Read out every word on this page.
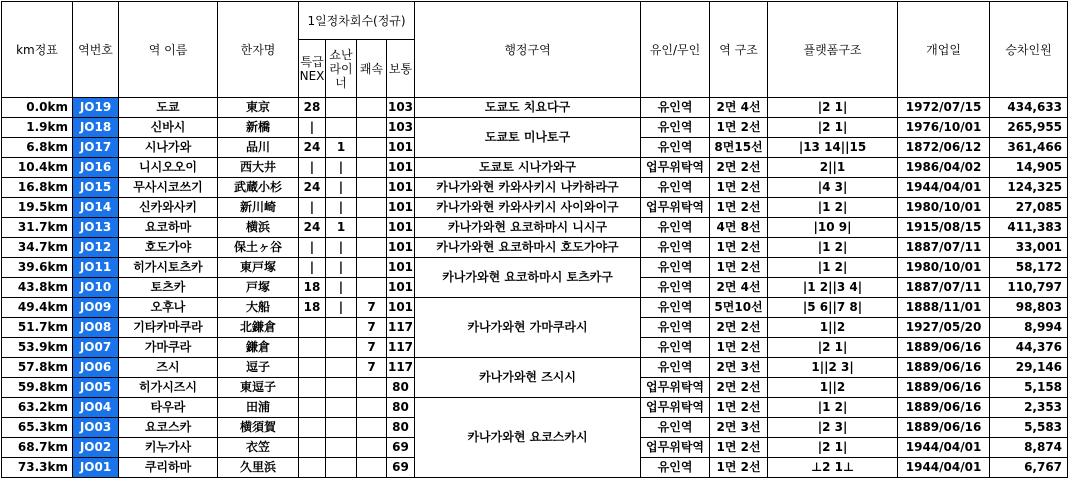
km정표	역번호	역 이름	한자명	1일정차회수(정규)				행정구역	유인/무인	역 구조	플랫폼구조	개업일	승차인원
				특급 NEX	쇼난 라이 너	쾌속	보통						
0.0km	JO19	도쿄	東京	28			103	도쿄도 치요다구	유인역	2면 4선	|2 1|	1972/07/15	434,633
1.9km	JO18	신바시	新橋	|			103	도쿄토 미나토구	유인역	1면 2선	|2 1|	1976/10/01	265,955
6.8km	JO17	시나가와	品川	24	1		101		유인역	8면15선	|13 14||15	1872/06/12	361,466
10.4km	JO16	니시오오이	西大井	|	|		101	도쿄토 시나가와구	업무위탁역	2면 2선	2||1	1986/04/02	14,905
16.8km	JO15	무사시코쓰기	武蔵小杉	24	|		101	카나가와현 카와사키시 나카하라구	유인역	1면 2선	|4 3|	1944/04/01	124,325
19.5km	JO14	신카와사키	新川崎	|	|		101	카나가와현 카와사키시 사이와이구	업무위탁역	1면 2선	|1 2|	1980/10/01	27,085
31.7km	JO13	요코하마	横浜	24	1		101	카나가와현 요코하마시 니시구	유인역	4면 8선	|10 9|	1915/08/15	411,383
34.7km	JO12	호도가야	保土ヶ谷	|	|		101	카나가와현 요코하마시 호도가야구	유인역	1면 2선	|1 2|	1887/07/11	33,001
39.6km	JO11	히가시토츠카	東戸塚	|	|		101	카나가와현 요코하마시 토츠카구	유인역	1면 2선	|1 2|	1980/10/01	58,172
43.8km	JO10	토츠카	戸塚	18	|		101		유인역	2면 4선	|1 2||3 4|	1887/07/11	110,797
49.4km	JO09	오후나	大船	18	|	7	101	카나가와현 가마쿠라시	유인역	5면10선	|5 6||7 8|	1888/11/01	98,803
51.7km	JO08	기타카마쿠라	北鎌倉			7	117		유인역	2면 2선	1||2	1927/05/20	8,994
53.9km	JO07	가마쿠라	鎌倉			7	117		유인역	1면 2선	|2 1|	1889/06/16	44,376
57.8km	JO06	즈시	逗子			7	117	카나가와현 즈시시	유인역	2면 3선	1||2 3|	1889/06/16	29,146
59.8km	JO05	히가시즈시	東逗子				80		업무위탁역	2면 2선	1||2	1889/06/16	5,158
63.2km	JO04	타우라	田浦				80	카나가와현 요코스카시	업무위탁역	1면 2선	|1 2|	1889/06/16	2,353
65.3km	JO03	요코스카	横須賀				80		유인역	2면 3선	|2 3|	1889/06/16	5,583
68.7km	JO02	키누가사	衣笠				69		업무위탁역	1면 2선	|2 1|	1944/04/01	8,874
73.3km	JO01	쿠리하마	久里浜				69		유인역	1면 2선	⊥2 1⊥	1944/04/01	6,767
